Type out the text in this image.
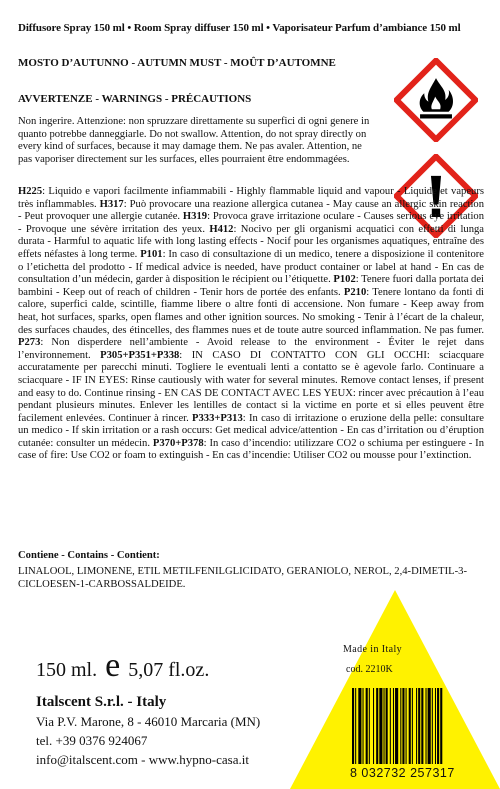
Diffusore Spray 150 ml • Room Spray diffuser 150 ml • Vaporisateur Parfum d’ambiance 150 ml
MOSTO D’AUTUNNO - AUTUMN MUST - MOÛT D’AUTOMNE
AVVERTENZE - WARNINGS - PRÉCAUTIONS
Non ingerire. Attenzione: non spruzzare direttamente su superfici di ogni genere in quanto potrebbe danneggiarle. Do not swallow. Attention, do not spray directly on every kind of surfaces, because it may damage them. Ne pas avaler. Attention, ne pas vaporiser directement sur les surfaces, elles pourraient être endommagées.
H225: Liquido e vapori facilmente infiammabili - Highly flammable liquid and vapour - Liquide et vapeurs très inflammables. H317: Può provocare una reazione allergica cutanea - May cause an allergic skin reaction - Peut provoquer une allergie cutanée. H319: Provoca grave irritazione oculare - Causes serious eye irritation - Provoque une sévère irritation des yeux. H412: Nocivo per gli organismi acquatici con effetti di lunga durata - Harmful to aquatic life with long lasting effects - Nocif pour les organismes aquatiques, entraîne des effets néfastes à long terme. P101: In caso di consultazione di un medico, tenere a disposizione il contenitore o l’etichetta del prodotto - If medical advice is needed, have product container or label at hand - En cas de consultation d’un médecin, garder à disposition le récipient ou l’étiquette. P102: Tenere fuori dalla portata dei bambini - Keep out of reach of children - Tenir hors de portée des enfants. P210: Tenere lontano da fonti di calore, superfici calde, scintille, fiamme libere o altre fonti di accensione. Non fumare - Keep away from heat, hot surfaces, sparks, open flames and other ignition sources. No smoking - Tenir à l’écart de la chaleur, des surfaces chaudes, des étincelles, des flammes nues et de toute autre sourced inflammation. Ne pas fumer. P273: Non disperdere nell’ambiente - Avoid release to the environment - Éviter le rejet dans l’environnement. P305+P351+P338: IN CASO DI CONTATTO CON GLI OCCHI: sciacquare accuratamente per parecchi minuti. Togliere le eventuali lenti a contatto se è agevole farlo. Continuare a sciacquare - IF IN EYES: Rinse cautiously with water for several minutes. Remove contact lenses, if present and easy to do. Continue rinsing - EN CAS DE CONTACT AVEC LES YEUX: rincer avec précaution à l’eau pendant plusieurs minutes. Enlever les lentilles de contact si la victime en porte et si elles peuvent être facilement enlevées. Continuer à rincer. P333+P313: In caso di irritazione o eruzione della pelle: consultare un medico - If skin irritation or a rash occurs: Get medical advice/attention - En cas d’irritation ou d’éruption cutanée: consulter un médecin. P370+P378: In caso d’incendio: utilizzare CO2 o schiuma per estinguere - In case of fire: Use CO2 or foam to extinguish - En cas d’incendie: Utiliser CO2 ou mousse pour l’extinction.
Contiene - Contains - Contient:
LINALOOL, LIMONENE, ETIL METILFENILGLICIDATO, GERANIOLO, NEROL, 2,4-DIMETIL-3-CICLOESEN-1-CARBOSSALDEIDE.
150 ml. e 5,07 fl.oz.
Italscent S.r.l. - Italy
Via P.V. Marone, 8 - 46010 Marcaria (MN)
tel. +39 0376 924067
info@italscent.com - www.hypno-casa.it
Made in Italy
cod. 2210K
8 032732 257317
